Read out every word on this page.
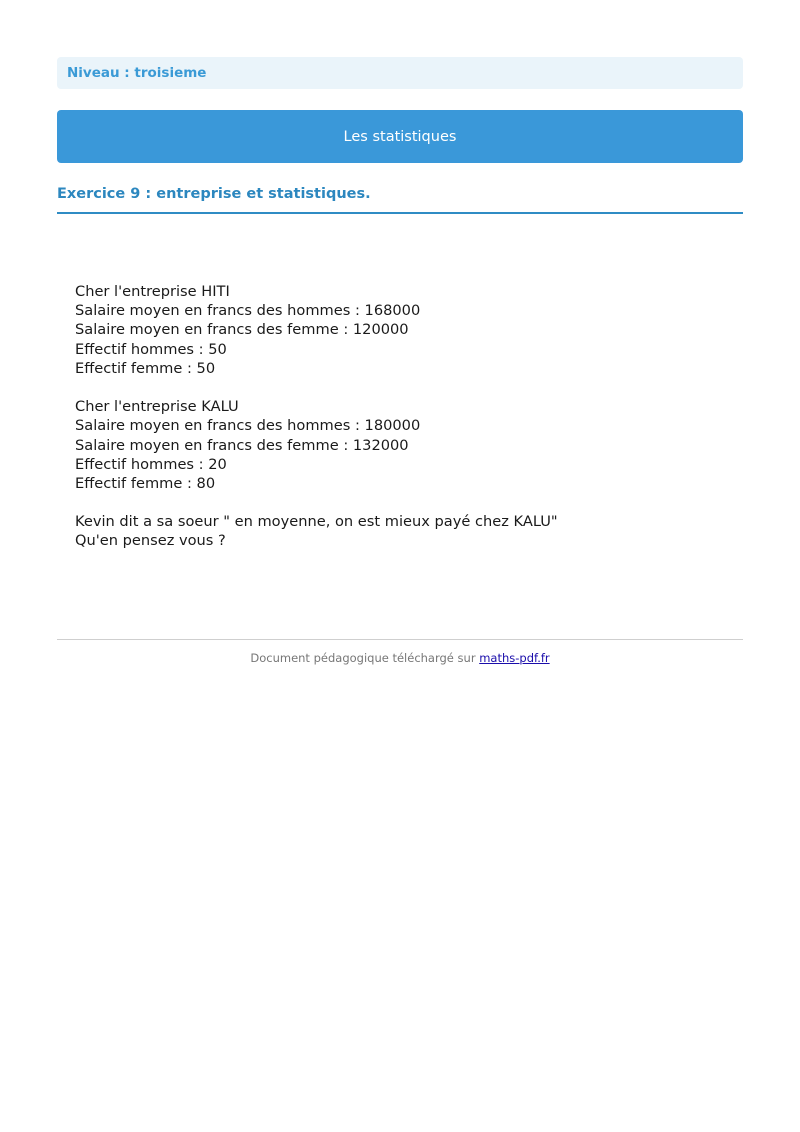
Niveau : troisieme
Les statistiques
Exercice 9 : entreprise et statistiques.
Cher l'entreprise HITI
Salaire moyen en francs des hommes : 168000
Salaire moyen en francs des femme : 120000
Effectif hommes : 50
Effectif femme : 50
Cher l'entreprise KALU
Salaire moyen en francs des hommes : 180000
Salaire moyen en francs des femme : 132000
Effectif hommes : 20
Effectif femme : 80
Kevin dit a sa soeur " en moyenne, on est mieux payé chez KALU"
Qu'en pensez vous ?
Document pédagogique téléchargé sur maths-pdf.fr
